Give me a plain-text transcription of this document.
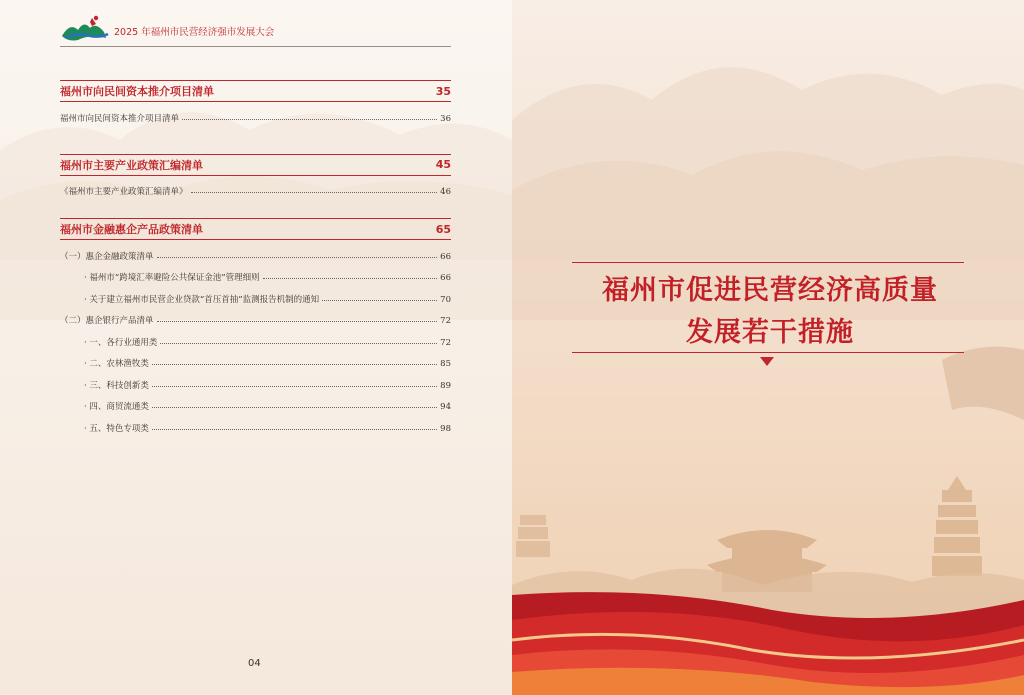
2025 年福州市民营经济强市发展大会
福州市向民间资本推介项目清单	35
福州市向民间资本推介项目清单	36
福州市主要产业政策汇编清单	45
《福州市主要产业政策汇编清单》	46
福州市金融惠企产品政策清单	65
（一）惠企金融政策清单	66
· 福州市“跨境汇率避险公共保证金池”管理细则	66
· 关于建立福州市民营企业贷款“首压首抽”监测报告机制的通知	70
（二）惠企银行产品清单	72
· 一、各行业通用类	72
· 二、农林渔牧类	85
· 三、科技创新类	89
· 四、商贸流通类	94
· 五、特色专项类	98
04
福州市促进民营经济高质量
发展若干措施
